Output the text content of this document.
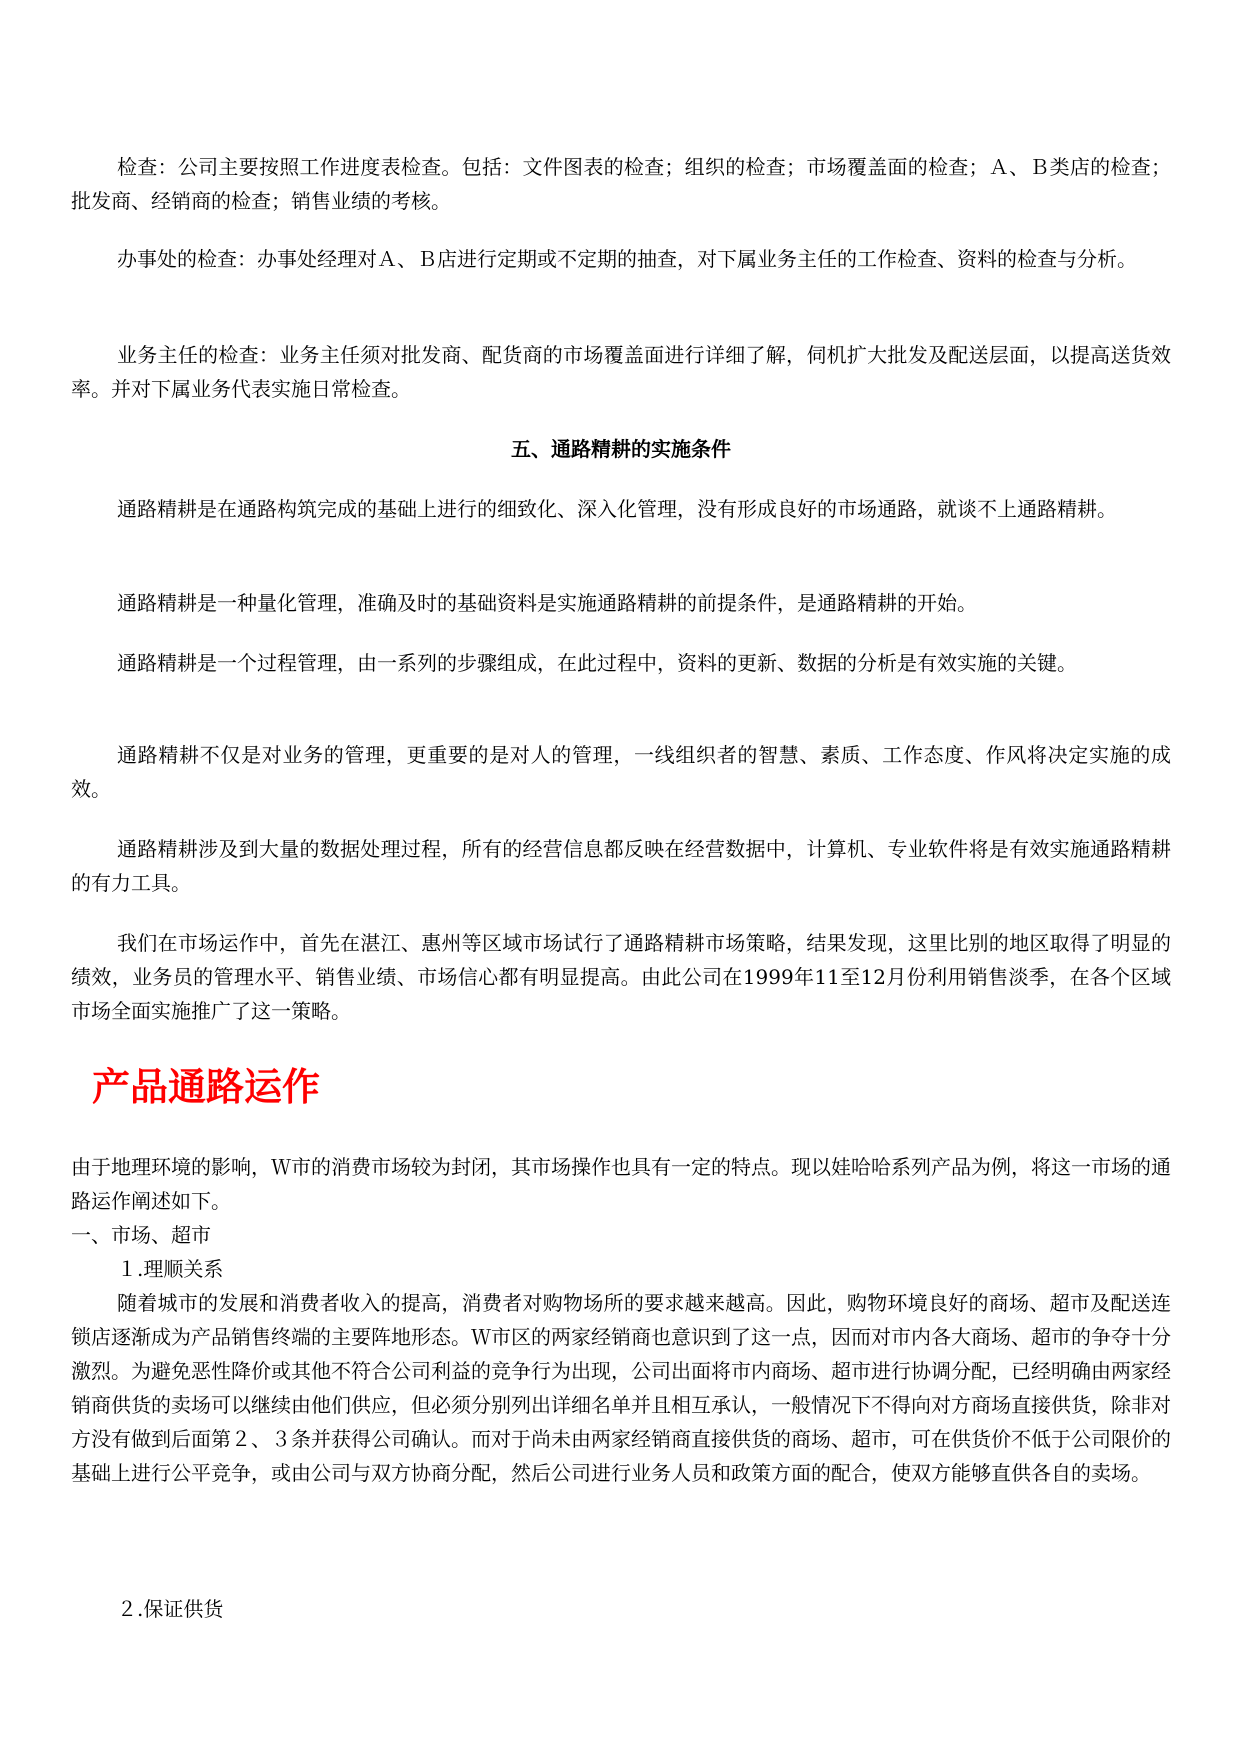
检查：公司主要按照工作进度表检查。包括：文件图表的检查；组织的检查；市场覆盖面的检查；Ａ、Ｂ类店的检查；批发商、经销商的检查；销售业绩的考核。

办事处的检查：办事处经理对Ａ、Ｂ店进行定期或不定期的抽查，对下属业务主任的工作检查、资料的检查与分析。

业务主任的检查：业务主任须对批发商、配货商的市场覆盖面进行详细了解，伺机扩大批发及配送层面，以提高送货效率。并对下属业务代表实施日常检查。

五、通路精耕的实施条件

通路精耕是在通路构筑完成的基础上进行的细致化、深入化管理，没有形成良好的市场通路，就谈不上通路精耕。

通路精耕是一种量化管理，准确及时的基础资料是实施通路精耕的前提条件，是通路精耕的开始。

通路精耕是一个过程管理，由一系列的步骤组成，在此过程中，资料的更新、数据的分析是有效实施的关键。

通路精耕不仅是对业务的管理，更重要的是对人的管理，一线组织者的智慧、素质、工作态度、作风将决定实施的成效。

通路精耕涉及到大量的数据处理过程，所有的经营信息都反映在经营数据中，计算机、专业软件将是有效实施通路精耕的有力工具。

我们在市场运作中，首先在湛江、惠州等区域市场试行了通路精耕市场策略，结果发现，这里比别的地区取得了明显的绩效，业务员的管理水平、销售业绩、市场信心都有明显提高。由此公司在1999年11至12月份利用销售淡季，在各个区域市场全面实施推广了这一策略。

产品通路运作

由于地理环境的影响，Ｗ市的消费市场较为封闭，其市场操作也具有一定的特点。现以娃哈哈系列产品为例，将这一市场的通路运作阐述如下。

一、市场、超市

１.理顺关系

随着城市的发展和消费者收入的提高，消费者对购物场所的要求越来越高。因此，购物环境良好的商场、超市及配送连锁店逐渐成为产品销售终端的主要阵地形态。Ｗ市区的两家经销商也意识到了这一点，因而对市内各大商场、超市的争夺十分激烈。为避免恶性降价或其他不符合公司利益的竞争行为出现，公司出面将市内商场、超市进行协调分配，已经明确由两家经销商供货的卖场可以继续由他们供应，但必须分别列出详细名单并且相互承认，一般情况下不得向对方商场直接供货，除非对方没有做到后面第２、３条并获得公司确认。而对于尚未由两家经销商直接供货的商场、超市，可在供货价不低于公司限价的基础上进行公平竞争，或由公司与双方协商分配，然后公司进行业务人员和政策方面的配合，使双方能够直供各自的卖场。

２.保证供货
